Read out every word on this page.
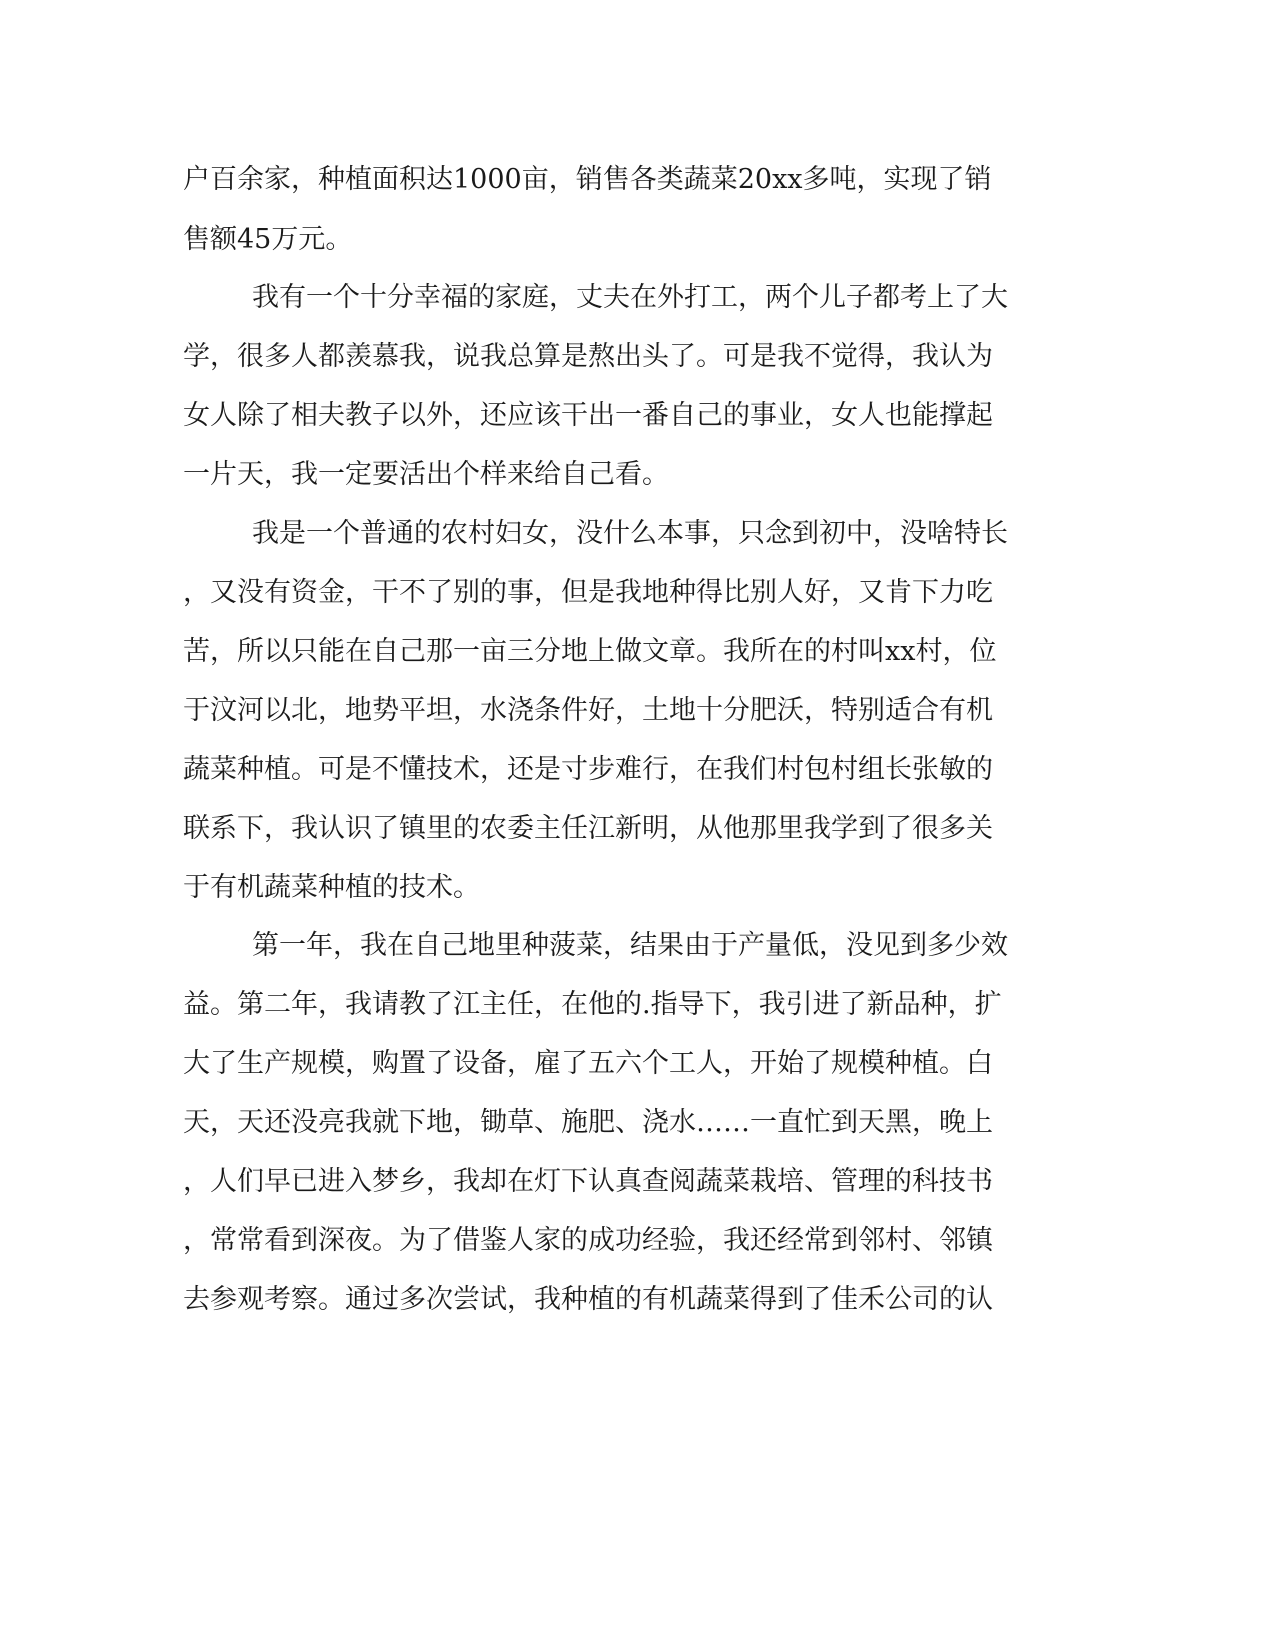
户百余家，种植面积达1000亩，销售各类蔬菜20xx多吨，实现了销
售额45万元。
我有一个十分幸福的家庭，丈夫在外打工，两个儿子都考上了大
学，很多人都羡慕我，说我总算是熬出头了。可是我不觉得，我认为
女人除了相夫教子以外，还应该干出一番自己的事业，女人也能撑起
一片天，我一定要活出个样来给自己看。
我是一个普通的农村妇女，没什么本事，只念到初中，没啥特长
，又没有资金，干不了别的事，但是我地种得比别人好，又肯下力吃
苦，所以只能在自己那一亩三分地上做文章。我所在的村叫xx村，位
于汶河以北，地势平坦，水浇条件好，土地十分肥沃，特别适合有机
蔬菜种植。可是不懂技术，还是寸步难行，在我们村包村组长张敏的
联系下，我认识了镇里的农委主任江新明，从他那里我学到了很多关
于有机蔬菜种植的技术。
第一年，我在自己地里种菠菜，结果由于产量低，没见到多少效
益。第二年，我请教了江主任，在他的.指导下，我引进了新品种，扩
大了生产规模，购置了设备，雇了五六个工人，开始了规模种植。白
天，天还没亮我就下地，锄草、施肥、浇水……一直忙到天黑，晚上
，人们早已进入梦乡，我却在灯下认真查阅蔬菜栽培、管理的科技书
，常常看到深夜。为了借鉴人家的成功经验，我还经常到邻村、邻镇
去参观考察。通过多次尝试，我种植的有机蔬菜得到了佳禾公司的认
